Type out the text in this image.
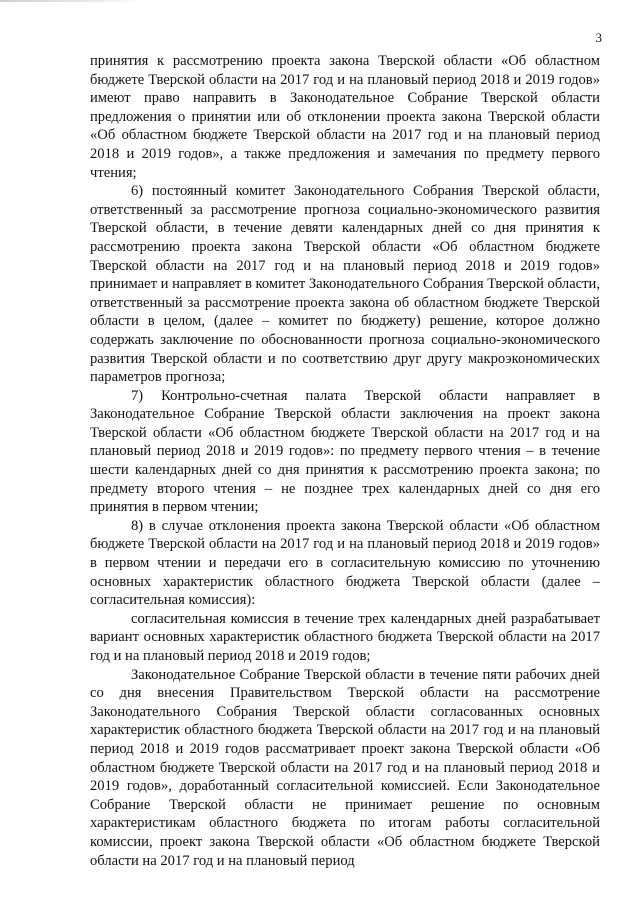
3

принятия к рассмотрению проекта закона Тверской области «Об областном бюджете Тверской области на 2017 год и на плановый период 2018 и 2019 годов» имеют право направить в Законодательное Собрание Тверской области предложения о принятии или об отклонении проекта закона Тверской области «Об областном бюджете Тверской области на 2017 год и на плановый период 2018 и 2019 годов», а также предложения и замечания по предмету первого чтения;

6) постоянный комитет Законодательного Собрания Тверской области, ответственный за рассмотрение прогноза социально-экономического развития Тверской области, в течение девяти календарных дней со дня принятия к рассмотрению проекта закона Тверской области «Об областном бюджете Тверской области на 2017 год и на плановый период 2018 и 2019 годов» принимает и направляет в комитет Законодательного Собрания Тверской области, ответственный за рассмотрение проекта закона об областном бюджете Тверской области в целом, (далее – комитет по бюджету) решение, которое должно содержать заключение по обоснованности прогноза социально-экономического развития Тверской области и по соответствию друг другу макроэкономических параметров прогноза;

7) Контрольно-счетная палата Тверской области направляет в Законодательное Собрание Тверской области заключения на проект закона Тверской области «Об областном бюджете Тверской области на 2017 год и на плановый период 2018 и 2019 годов»: по предмету первого чтения – в течение шести календарных дней со дня принятия к рассмотрению проекта закона; по предмету второго чтения – не позднее трех календарных дней со дня его принятия в первом чтении;

8) в случае отклонения проекта закона Тверской области «Об областном бюджете Тверской области на 2017 год и на плановый период 2018 и 2019 годов» в первом чтении и передачи его в согласительную комиссию по уточнению основных характеристик областного бюджета Тверской области (далее – согласительная комиссия):

согласительная комиссия в течение трех календарных дней разрабатывает вариант основных характеристик областного бюджета Тверской области на 2017 год и на плановый период 2018 и 2019 годов;

Законодательное Собрание Тверской области в течение пяти рабочих дней со дня внесения Правительством Тверской области на рассмотрение Законодательного Собрания Тверской области согласованных основных характеристик областного бюджета Тверской области на 2017 год и на плановый период 2018 и 2019 годов рассматривает проект закона Тверской области «Об областном бюджете Тверской области на 2017 год и на плановый период 2018 и 2019 годов», доработанный согласительной комиссией. Если Законодательное Собрание Тверской области не принимает решение по основным характеристикам областного бюджета по итогам работы согласительной комиссии, проект закона Тверской области «Об областном бюджете Тверской области на 2017 год и на плановый период
